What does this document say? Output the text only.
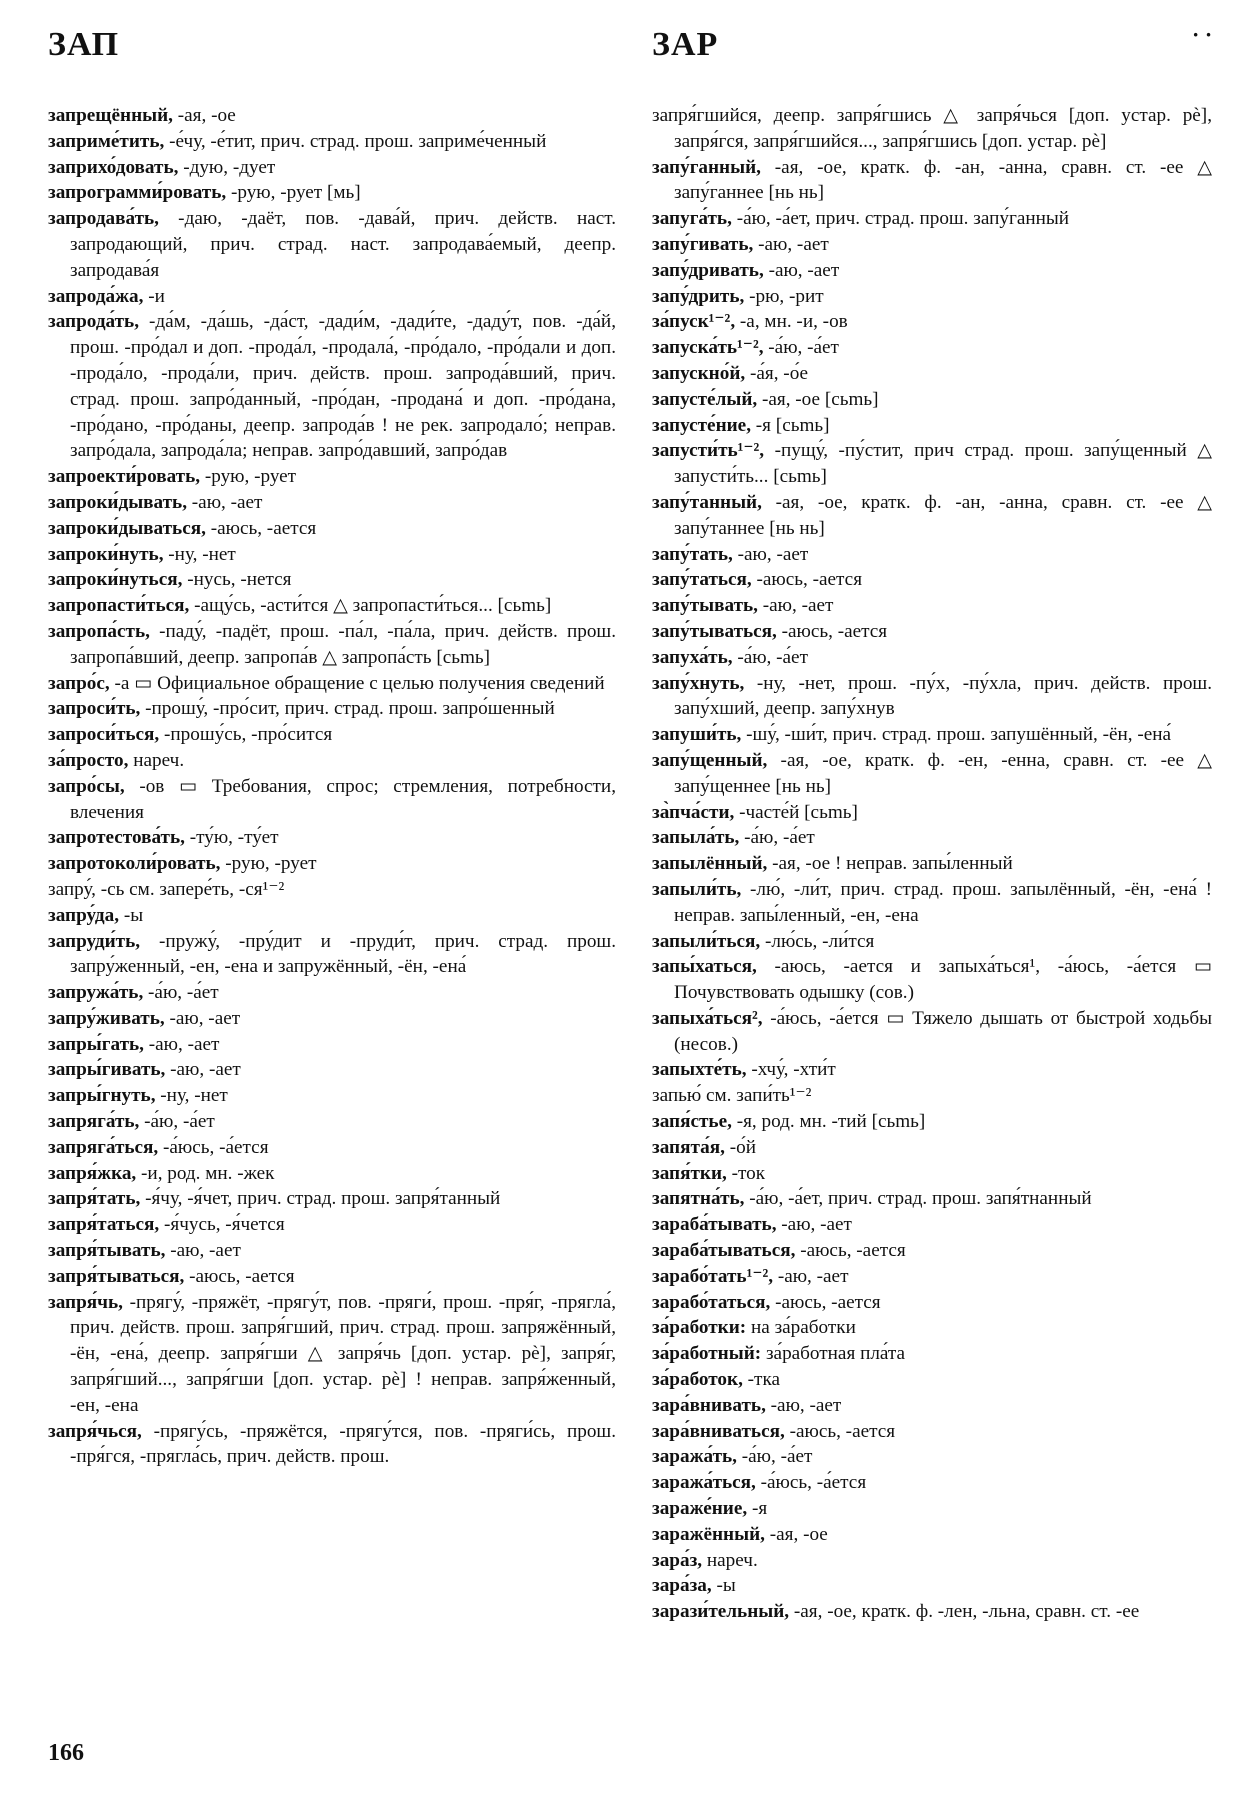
ЗАП	ЗАР	· ·

запрещённый, -ая, -ое

заприме́тить, -е́чу, -е́тит, прич. страд. прош. заприме́ченный

заприхо́довать, -дую, -дует

запрограмми́ровать, -рую, -рует [мь]

запродава́ть, -даю, -даёт, пов. -дава́й, прич. действ. наст. запродающий, прич. страд. наст. запродава́емый, деепр. запродава́я

запрода́жа, -и

запрода́ть, -да́м, -да́шь, -да́ст, -дади́м, -дади́те, -даду́т, пов. -да́й, прош. -про́дал и доп. -прода́л, -продала́, -про́дало, -про́дали и доп. -прода́ло, -прода́ли, прич. действ. прош. запрода́вший, прич. страд. прош. запро́данный, -про́дан, -продана́ и доп. -про́дана, -про́дано, -про́даны, деепр. запрода́в ! не рек. запродало́; неправ. запро́дала, запрода́ла; неправ. запро́давший, запро́дав

запроекти́ровать, -рую, -рует

запроки́дывать, -аю, -ает

запроки́дываться, -аюсь, -ается

запроки́нуть, -ну, -нет

запроки́нуться, -нусь, -нется

запропасти́ться, -ащу́сь, -асти́тся △ запропасти́ться... [cьmь]

запропа́сть, -паду́, -падёт, прош. -па́л, -па́ла, прич. действ. прош. запропа́вший, деепр. запропа́в △ запропа́сть [cьmь]

запро́с, -а ▭ Официальное обращение с целью получения сведений

запроси́ть, -прошу́, -про́сит, прич. страд. прош. запро́шенный

запроси́ться, -прошу́сь, -про́сится

за́просто, нареч.

запро́сы, -ов ▭ Требования, спрос; стремления, потребности, влечения

запротестова́ть, -ту́ю, -ту́ет

запротоколи́ровать, -рую, -рует

запру́, -сь см. запере́ть, -ся¹⁻²

запру́да, -ы

запруди́ть, -пружу́, -пру́дит и -пруди́т, прич. страд. прош. запру́женный, -ен, -ена и запружённый, -ён, -ена́

запружа́ть, -а́ю, -а́ет

запру́живать, -аю, -ает

запры́гать, -аю, -ает

запры́гивать, -аю, -ает

запры́гнуть, -ну, -нет

запряга́ть, -а́ю, -а́ет

запряга́ться, -а́юсь, -а́ется

запря́жка, -и, род. мн. -жек

запря́тать, -я́чу, -я́чет, прич. страд. прош. запря́танный

запря́таться, -я́чусь, -я́чется

запря́тывать, -аю, -ает

запря́тываться, -аюсь, -ается

запря́чь, -прягу́, -пряжёт, -прягу́т, пов. -пряги́, прош. -пря́г, -прягла́, прич. действ. прош. запря́гший, прич. страд. прош. запряжённый, -ён, -ена́, деепр. запря́гши △ запря́чь [доп. устар. рѐ], запря́г, запря́гший..., запря́гши [доп. устар. рѐ] ! неправ. запря́женный, -ен, -ена

запря́чься, -прягу́сь, -пряжётся, -прягу́тся, пов. -пряги́сь, прош. -пря́гся, -прягла́сь, прич. действ. прош.

запря́гшийся, деепр. запря́гшись △ запря́чься [доп. устар. рѐ], запря́гся, запря́гшийся..., запря́гшись [доп. устар. рѐ]

запу́ганный, -ая, -ое, кратк. ф. -ан, -анна, сравн. ст. -ее △ запу́ганнее [нь нь]

запуга́ть, -а́ю, -а́ет, прич. страд. прош. запу́ганный

запу́гивать, -аю, -ает

запу́дривать, -аю, -ает

запу́дрить, -рю, -рит

за́пуск¹⁻², -а, мн. -и, -ов

запуска́ть¹⁻², -а́ю, -а́ет

запускно́й, -а́я, -о́е

запусте́лый, -ая, -ое [cьmь]

запусте́ние, -я [cьmь]

запусти́ть¹⁻², -пущу́, -пу́стит, прич страд. прош. запу́щенный △ запусти́ть... [cьmь]

запу́танный, -ая, -ое, кратк. ф. -ан, -анна, сравн. ст. -ее △ запу́таннее [нь нь]

запу́тать, -аю, -ает

запу́таться, -аюсь, -ается

запу́тывать, -аю, -ает

запу́тываться, -аюсь, -ается

запуха́ть, -а́ю, -а́ет

запу́хнуть, -ну, -нет, прош. -пу́х, -пу́хла, прич. действ. прош. запу́хший, деепр. запу́хнув

запуши́ть, -шу́, -ши́т, прич. страд. прош. запушённый, -ён, -ена́

запу́щенный, -ая, -ое, кратк. ф. -ен, -енна, сравн. ст. -ее △ запу́щеннее [нь нь]

за̀пча́сти, -часте́й [cьmь]

запыла́ть, -а́ю, -а́ет

запылённый, -ая, -ое ! неправ. запы́ленный

запыли́ть, -лю́, -ли́т, прич. страд. прош. запылённый, -ён, -ена́ ! неправ. запы́ленный, -ен, -ена

запыли́ться, -лю́сь, -ли́тся

запы́хаться, -аюсь, -ается и запыха́ться¹, -а́юсь, -а́ется ▭ Почувствовать одышку (сов.)

запыха́ться², -а́юсь, -а́ется ▭ Тяжело дышать от быстрой ходьбы (несов.)

запыхте́ть, -хчу́, -хти́т

запью́ см. запи́ть¹⁻²

запя́стье, -я, род. мн. -тий [cьmь]

запята́я, -о́й

запя́тки, -ток

запятна́ть, -а́ю, -а́ет, прич. страд. прош. запя́тнанный

зараба́тывать, -аю, -ает

зараба́тываться, -аюсь, -ается

зарабо́тать¹⁻², -аю, -ает

зарабо́таться, -аюсь, -ается

за́работки: на за́работки

за́работный: за́работная пла́та

за́работок, -тка

зара́внивать, -аю, -ает

зара́вниваться, -аюсь, -ается

заража́ть, -а́ю, -а́ет

заража́ться, -а́юсь, -а́ется

зараже́ние, -я

заражённый, -ая, -ое

зара́з, нареч.

зара́за, -ы

зарази́тельный, -ая, -ое, кратк. ф. -лен, -льна, сравн. ст. -ее

166
